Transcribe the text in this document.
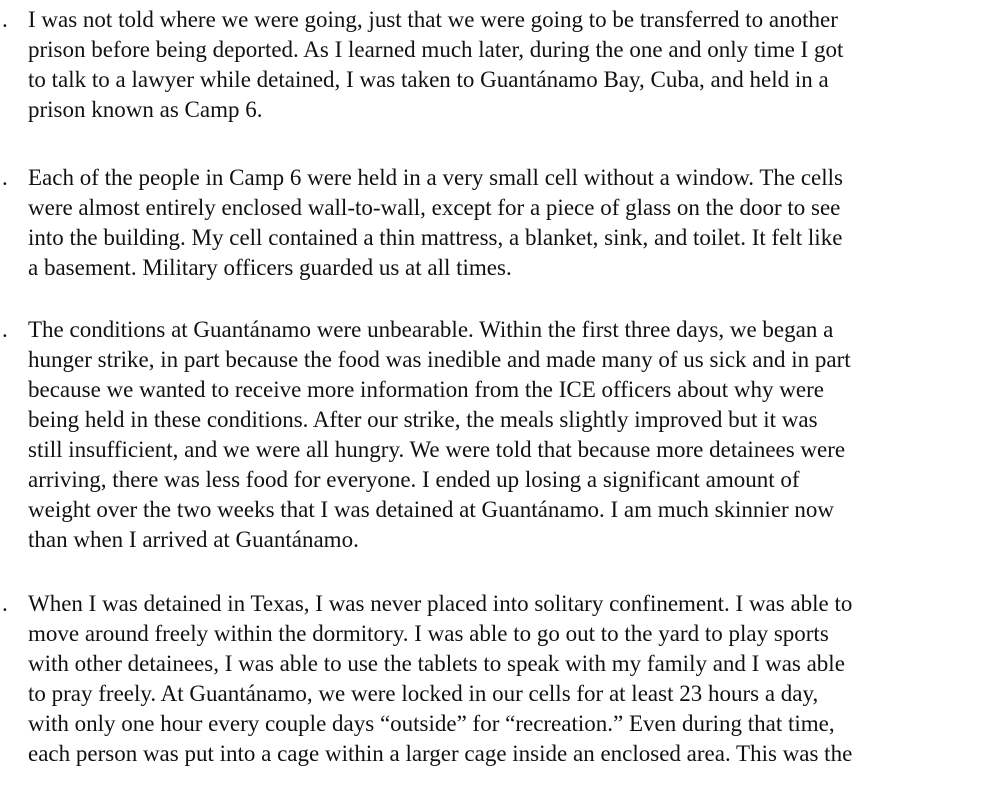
. I was not told where we were going, just that we were going to be transferred to another
prison before being deported. As I learned much later, during the one and only time I got
to talk to a lawyer while detained, I was taken to Guantánamo Bay, Cuba, and held in a
prison known as Camp 6.
. Each of the people in Camp 6 were held in a very small cell without a window. The cells
were almost entirely enclosed wall-to-wall, except for a piece of glass on the door to see
into the building. My cell contained a thin mattress, a blanket, sink, and toilet. It felt like
a basement. Military officers guarded us at all times.
. The conditions at Guantánamo were unbearable. Within the first three days, we began a
hunger strike, in part because the food was inedible and made many of us sick and in part
because we wanted to receive more information from the ICE officers about why were
being held in these conditions. After our strike, the meals slightly improved but it was
still insufficient, and we were all hungry. We were told that because more detainees were
arriving, there was less food for everyone. I ended up losing a significant amount of
weight over the two weeks that I was detained at Guantánamo. I am much skinnier now
than when I arrived at Guantánamo.
. When I was detained in Texas, I was never placed into solitary confinement. I was able to
move around freely within the dormitory. I was able to go out to the yard to play sports
with other detainees, I was able to use the tablets to speak with my family and I was able
to pray freely. At Guantánamo, we were locked in our cells for at least 23 hours a day,
with only one hour every couple days “outside” for “recreation.” Even during that time,
each person was put into a cage within a larger cage inside an enclosed area. This was the
